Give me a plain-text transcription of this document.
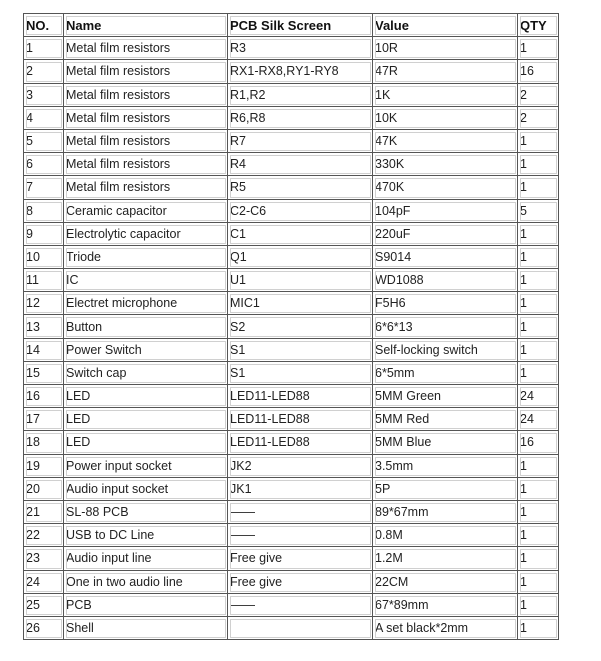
NO.	Name	PCB Silk Screen	Value	QTY
1	Metal film resistors	R3	10R	1
2	Metal film resistors	RX1-RX8,RY1-RY8	47R	16
3	Metal film resistors	R1,R2	1K	2
4	Metal film resistors	R6,R8	10K	2
5	Metal film resistors	R7	47K	1
6	Metal film resistors	R4	330K	1
7	Metal film resistors	R5	470K	1
8	Ceramic capacitor	C2-C6	104pF	5
9	Electrolytic capacitor	C1	220uF	1
10	Triode	Q1	S9014	1
11	IC	U1	WD1088	1
12	Electret microphone	MIC1	F5H6	1
13	Button	S2	6*6*13	1
14	Power Switch	S1	Self-locking switch	1
15	Switch cap	S1	6*5mm	1
16	LED	LED11-LED88	5MM Green	24
17	LED	LED11-LED88	5MM Red	24
18	LED	LED11-LED88	5MM Blue	16
19	Power input socket	JK2	3.5mm	1
20	Audio input socket	JK1	5P	1
21	SL-88 PCB	——	89*67mm	1
22	USB to DC Line	——	0.8M	1
23	Audio input line	Free give	1.2M	1
24	One in two audio line	Free give	22CM	1
25	PCB	——	67*89mm	1
26	Shell		A set black*2mm	1
